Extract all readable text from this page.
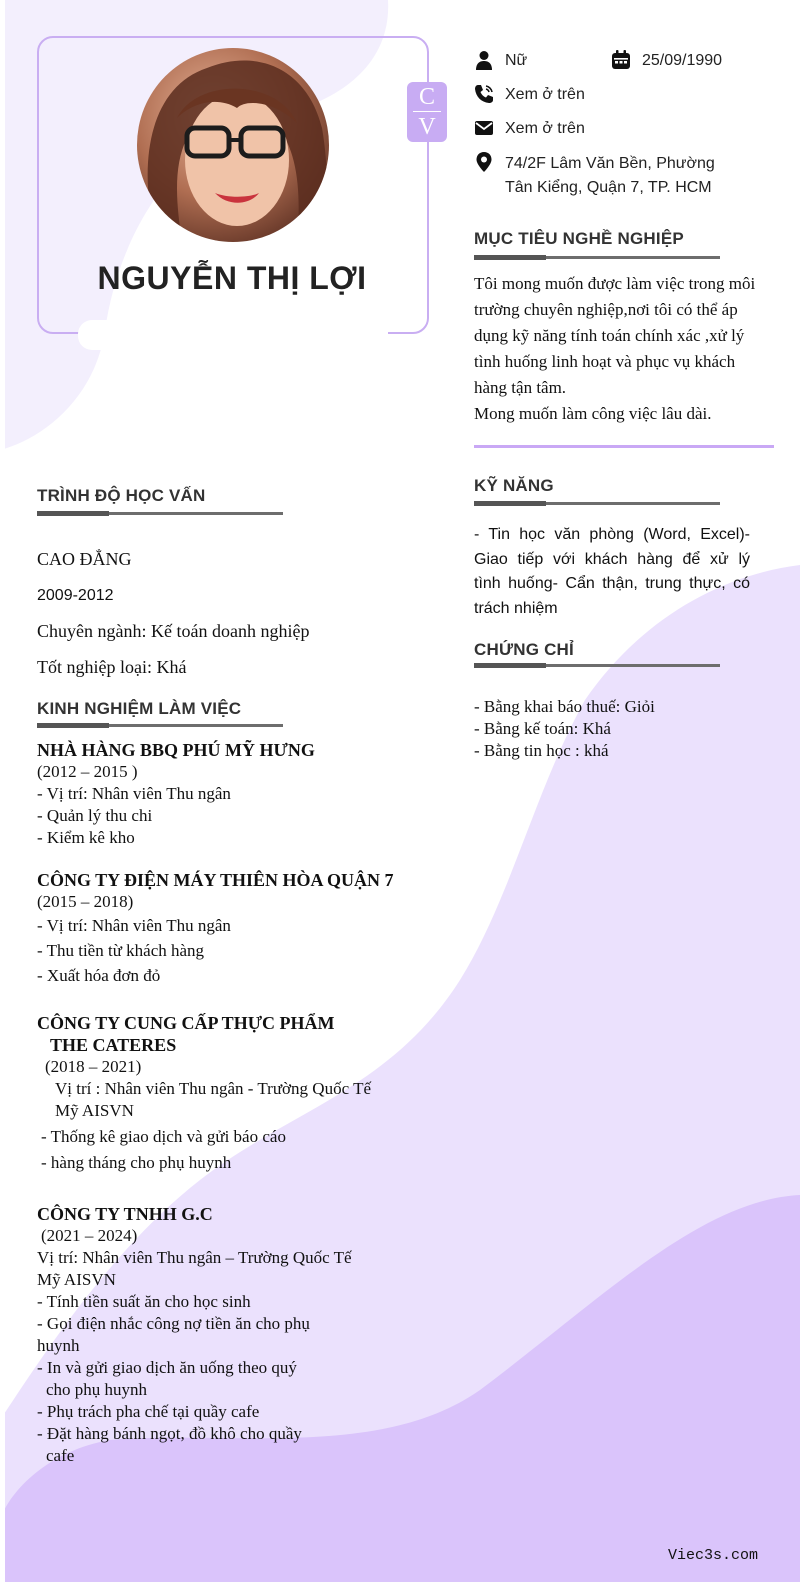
C
V
NGUYỄN THỊ LỢI
Nữ	25/09/1990
Xem ở trên
Xem ở trên
74/2F Lâm Văn Bền, Phường
Tân Kiểng, Quận 7, TP. HCM
MỤC TIÊU NGHỀ NGHIỆP
Tôi mong muốn được làm việc trong môi
trường chuyên nghiệp,nơi tôi có thể áp
dụng kỹ năng tính toán chính xác ,xử lý
tình huống linh hoạt và phục vụ khách
hàng tận tâm.
Mong muốn làm công việc lâu dài.
KỸ NĂNG
- Tin học văn phòng (Word, Excel)-
Giao tiếp với khách hàng để xử lý
tình huống- Cẩn thận, trung thực, có
trách nhiệm
CHỨNG CHỈ
- Bằng khai báo thuế: Giỏi
- Bằng kế toán: Khá
- Bằng tin học : khá
TRÌNH ĐỘ HỌC VẤN
CAO ĐẲNG
2009-2012
Chuyên ngành: Kế toán doanh nghiệp
Tốt nghiệp loại: Khá
KINH NGHIỆM LÀM VIỆC
NHÀ HÀNG BBQ PHÚ MỸ HƯNG
(2012 – 2015 )
- Vị trí: Nhân viên Thu ngân
- Quản lý thu chi
- Kiểm kê kho
CÔNG TY ĐIỆN MÁY THIÊN HÒA QUẬN 7
(2015 – 2018)
- Vị trí: Nhân viên Thu ngân
- Thu tiền từ khách hàng
- Xuất hóa đơn đỏ
CÔNG TY CUNG CẤP THỰC PHẨM
THE CATERES
(2018 – 2021)
Vị trí : Nhân viên Thu ngân - Trường Quốc Tế
Mỹ AISVN
- Thống kê giao dịch và gửi báo cáo
- hàng tháng cho phụ huynh
CÔNG TY TNHH G.C
(2021 – 2024)
Vị trí: Nhân viên Thu ngân – Trường Quốc Tế
Mỹ AISVN
- Tính tiền suất ăn cho học sinh
- Gọi điện nhắc công nợ tiền ăn cho phụ
huynh
- In và gửi giao dịch ăn uống theo quý
cho phụ huynh
- Phụ trách pha chế tại quầy cafe
- Đặt hàng bánh ngọt, đồ khô cho quầy
cafe
Viec3s.com
